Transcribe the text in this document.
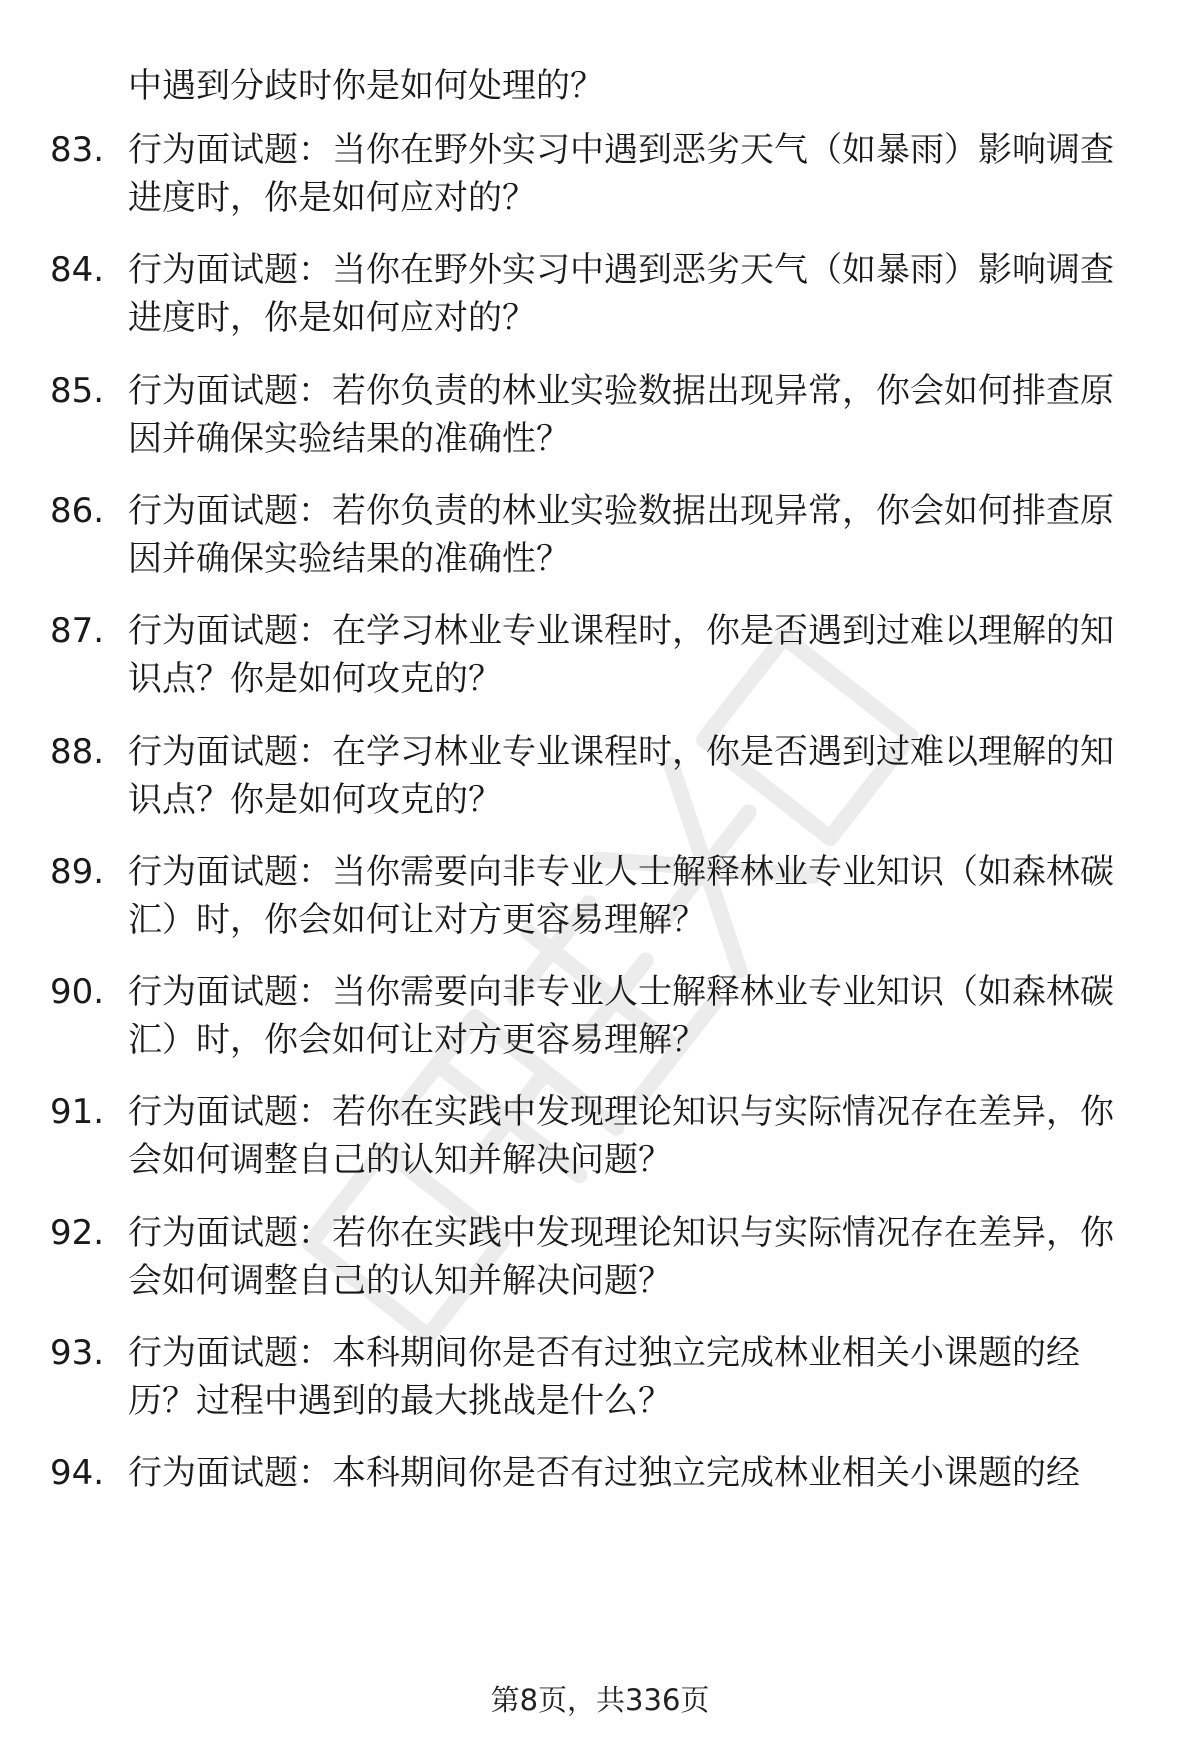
中遇到分歧时你是如何处理的？
83. 行为面试题：当你在野外实习中遇到恶劣天气（如暴雨）影响调查进度时，你是如何应对的？
84. 行为面试题：当你在野外实习中遇到恶劣天气（如暴雨）影响调查进度时，你是如何应对的？
85. 行为面试题：若你负责的林业实验数据出现异常，你会如何排查原因并确保实验结果的准确性？
86. 行为面试题：若你负责的林业实验数据出现异常，你会如何排查原因并确保实验结果的准确性？
87. 行为面试题：在学习林业专业课程时，你是否遇到过难以理解的知识点？你是如何攻克的？
88. 行为面试题：在学习林业专业课程时，你是否遇到过难以理解的知识点？你是如何攻克的？
89. 行为面试题：当你需要向非专业人士解释林业专业知识（如森林碳汇）时，你会如何让对方更容易理解？
90. 行为面试题：当你需要向非专业人士解释林业专业知识（如森林碳汇）时，你会如何让对方更容易理解？
91. 行为面试题：若你在实践中发现理论知识与实际情况存在差异，你会如何调整自己的认知并解决问题？
92. 行为面试题：若你在实践中发现理论知识与实际情况存在差异，你会如何调整自己的认知并解决问题？
93. 行为面试题：本科期间你是否有过独立完成林业相关小课题的经历？过程中遇到的最大挑战是什么？
94. 行为面试题：本科期间你是否有过独立完成林业相关小课题的经
第8页，共336页
